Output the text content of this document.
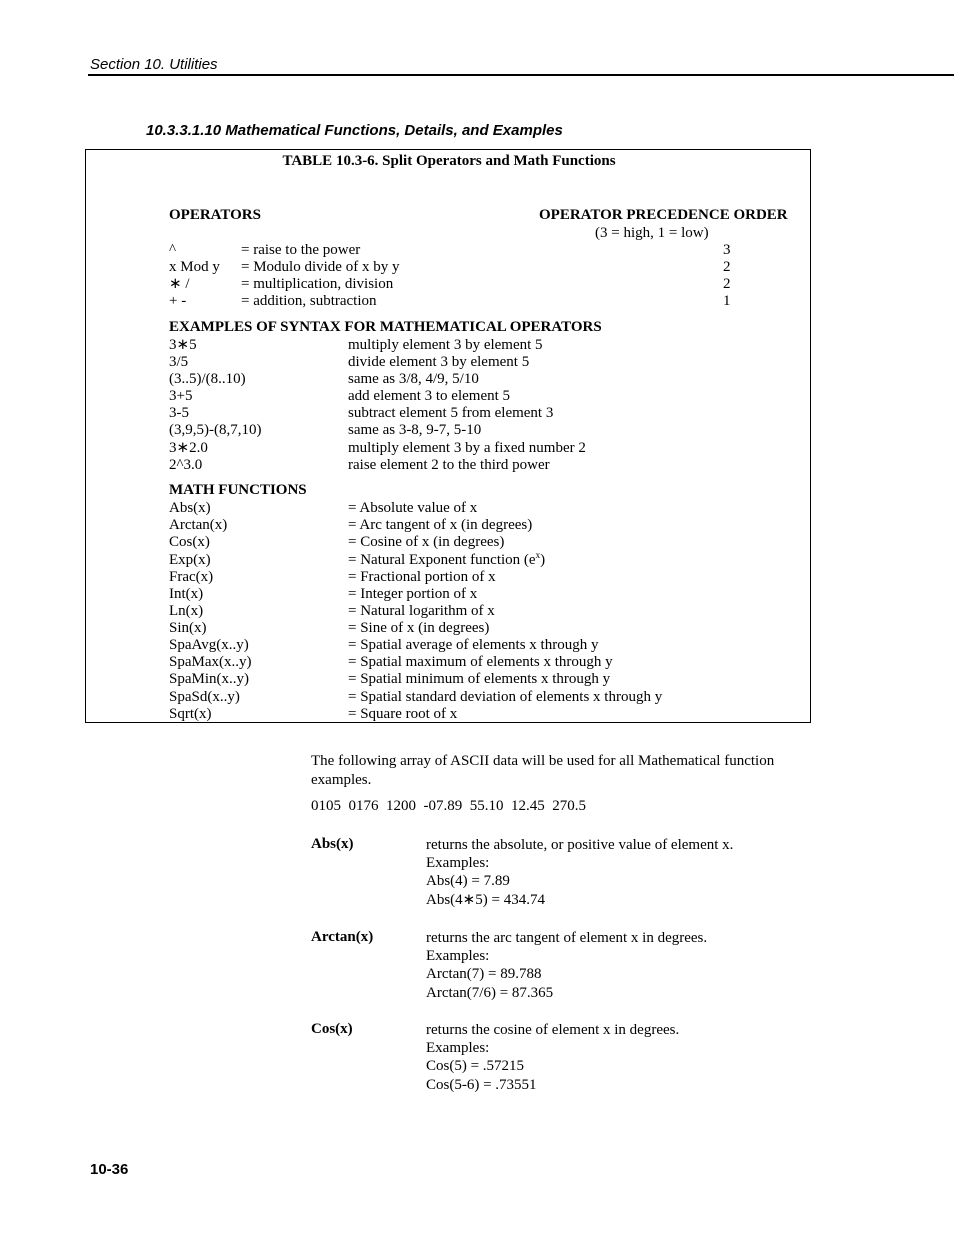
Section 10. Utilities
10.3.3.1.10 Mathematical Functions, Details, and Examples
TABLE 10.3-6. Split Operators and Math Functions
OPERATORS	OPERATOR PRECEDENCE ORDER
(3 = high, 1 = low)
^	= raise to the power	3
x Mod y = Modulo divide of x by y	2
∗ /	= multiplication, division	2
+ -	= addition, subtraction	1
EXAMPLES OF SYNTAX FOR MATHEMATICAL OPERATORS
3∗5	multiply element 3 by element 5
3/5	divide element 3 by element 5
(3..5)/(8..10)	same as 3/8, 4/9, 5/10
3+5	add element 3 to element 5
3-5	subtract element 5 from element 3
(3,9,5)-(8,7,10)	same as 3-8, 9-7, 5-10
3∗2.0	multiply element 3 by a fixed number 2
2^3.0	raise element 2 to the third power
MATH FUNCTIONS
Abs(x)	= Absolute value of x
Arctan(x)	= Arc tangent of x (in degrees)
Cos(x)	= Cosine of x (in degrees)
Exp(x)	= Natural Exponent function $(e^x)$
Frac(x)	= Fractional portion of x
Int(x)	= Integer portion of x
Ln(x)	= Natural logarithm of x
Sin(x)	= Sine of x (in degrees)
SpaAvg(x..y)	= Spatial average of elements x through y
SpaMax(x..y)	= Spatial maximum of elements x through y
SpaMin(x..y)	= Spatial minimum of elements x through y
SpaSd(x..y)	= Spatial standard deviation of elements x through y
Sqrt(x)	= Square root of x
The following array of ASCII data will be used for all Mathematical function examples.
0105  0176  1200  -07.89  55.10  12.45  270.5
Abs(x)	returns the absolute, or positive value of element x.
Examples:
Abs(4) = 7.89
Abs(4∗5) = 434.74
Arctan(x)	returns the arc tangent of element x in degrees.
Examples:
Arctan(7) = 89.788
Arctan(7/6) = 87.365
Cos(x)	returns the cosine of element x in degrees.
Examples:
Cos(5) = .57215
Cos(5-6) = .73551
10-36
